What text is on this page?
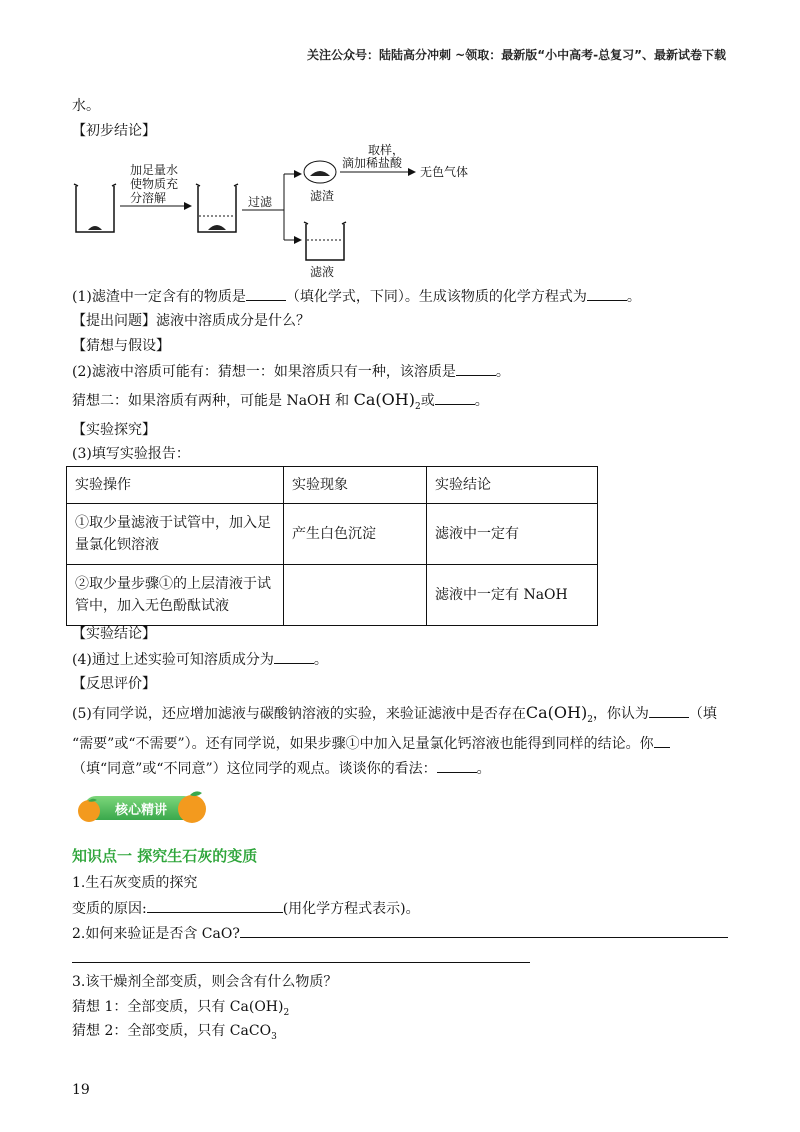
关注公众号：陆陆高分冲刺 ~领取：最新版“小中高考-总复习”、最新试卷下载
水。
【初步结论】
加足量水
使物质充
分溶解	过滤	滤渣
取样，
滴加稀盐酸
无色气体
滤液
(1)滤渣中一定含有的物质是	（填化学式，下同）。生成该物质的化学方程式为	。
【提出问题】滤液中溶质成分是什么？
【猜想与假设】
(2)滤液中溶质可能有：猜想一：如果溶质只有一种，该溶质是	。
猜想二：如果溶质有两种，可能是 NaOH 和 $Ca(OH)_2$或	。
【实验探究】
(3)填写实验报告：
实验操作	实验现象	实验结论

①取少量滤液于试管中，加入足
量氯化钡溶液	产生白色沉淀	滤液中一定有

②取少量步骤①的上层清液于试
管中，加入无色酚酞试液		滤液中一定有 NaOH
【实验结论】
(4)通过上述实验可知溶质成分为	。
【反思评价】
(5)有同学说，还应增加滤液与碳酸钠溶液的实验，来验证滤液中是否存在$Ca(OH)_2$，你认为	（填
“需要”或“不需要”）。还有同学说，如果步骤①中加入足量氯化钙溶液也能得到同样的结论。你
（填“同意”或“不同意”）这位同学的观点。谈谈你的看法：	。
核心精讲
知识点一 探究生石灰的变质
1.生石灰变质的探究
变质的原因:	(用化学方程式表示)。
2.如何来验证是否含 CaO?
3.该干燥剂全部变质，则会含有什么物质？
猜想 1：全部变质，只有 $Ca(OH)_2$
猜想 2：全部变质，只有 CaCO$_3$
19
